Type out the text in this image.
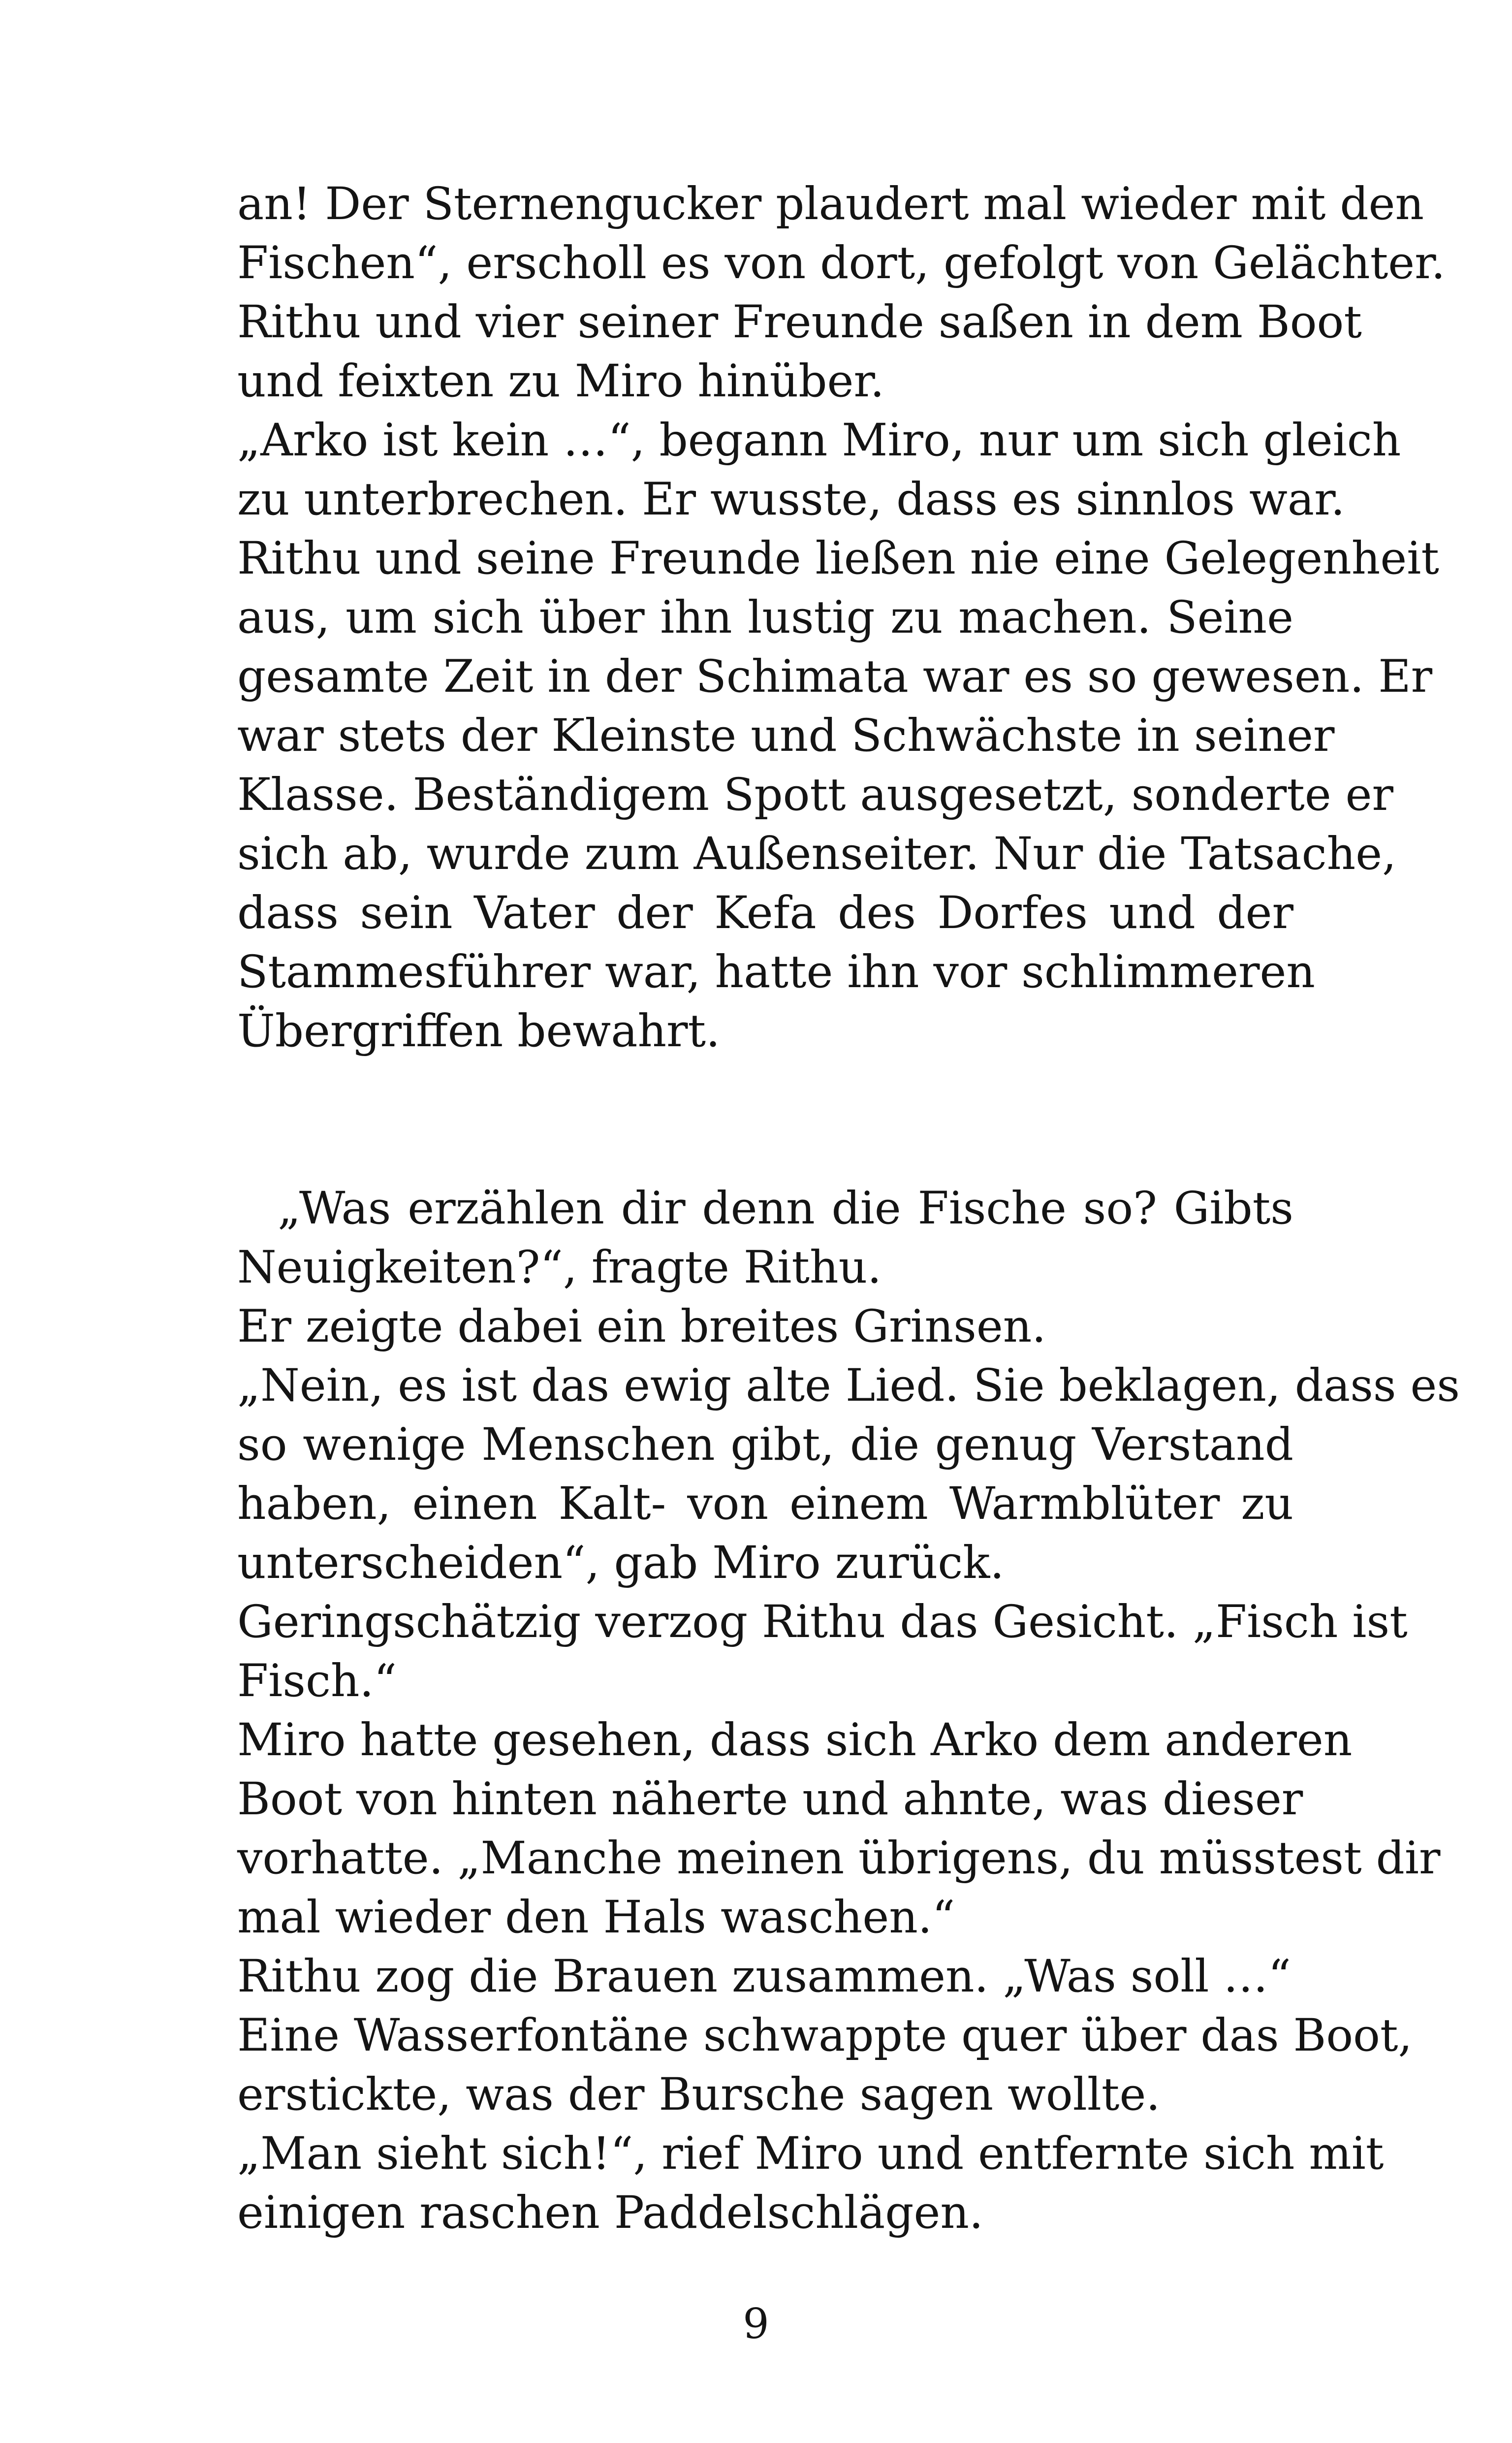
an! Der Sternengucker plaudert mal wieder mit den
Fischen“, erscholl es von dort, gefolgt von Gelächter.
Rithu und vier seiner Freunde saßen in dem Boot
und feixten zu Miro hinüber.
„Arko ist kein …“, begann Miro, nur um sich gleich
zu unterbrechen. Er wusste, dass es sinnlos war.
Rithu und seine Freunde ließen nie eine Gelegenheit
aus, um sich über ihn lustig zu machen. Seine
gesamte Zeit in der Schimata war es so gewesen. Er
war stets der Kleinste und Schwächste in seiner
Klasse. Beständigem Spott ausgesetzt, sonderte er
sich ab, wurde zum Außenseiter. Nur die Tatsache,
dass sein Vater der Kefa des Dorfes und der
Stammesführer war, hatte ihn vor schlimmeren
Übergriffen bewahrt.
„Was erzählen dir denn die Fische so? Gibts
Neuigkeiten?“, fragte Rithu.
Er zeigte dabei ein breites Grinsen.
„Nein, es ist das ewig alte Lied. Sie beklagen, dass es
so wenige Menschen gibt, die genug Verstand
haben, einen Kalt- von einem Warmblüter zu
unterscheiden“, gab Miro zurück.
Geringschätzig verzog Rithu das Gesicht. „Fisch ist
Fisch.“
Miro hatte gesehen, dass sich Arko dem anderen
Boot von hinten näherte und ahnte, was dieser
vorhatte. „Manche meinen übrigens, du müsstest dir
mal wieder den Hals waschen.“
Rithu zog die Brauen zusammen. „Was soll …“
Eine Wasserfontäne schwappte quer über das Boot,
erstickte, was der Bursche sagen wollte.
„Man sieht sich!“, rief Miro und entfernte sich mit
einigen raschen Paddelschlägen.
9
